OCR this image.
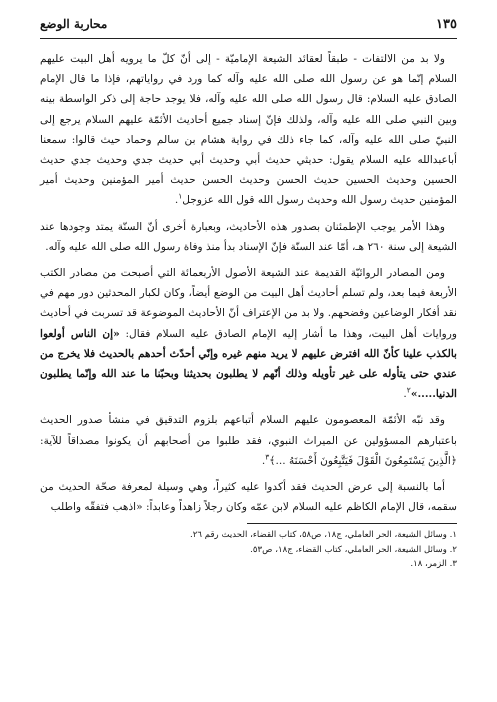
١٣٥
محاربة الوضع

ولا بد من الالتفات - طبقاً لعقائد الشيعة الإماميّة - إلى أنّ كلّ ما يرويه أهل البيت عليهم السلام إنّما هو عن رسول الله صلى الله عليه وآله كما ورد في رواياتهم، فإذا ما قال الإمام الصادق عليه السلام: قال رسول الله صلى الله عليه وآله، فلا يوجد حاجة إلى ذكر الواسطة بينه وبين النبي صلى الله عليه وآله، ولذلك فإنّ إسناد جميع أحاديث الأئمّة عليهم السلام يرجع إلى النبيّ صلى الله عليه وآله، كما جاء ذلك في رواية هشام بن سالم وحماد حيث قالوا: سمعنا أباعبدالله عليه السلام يقول: حديثي حديث أبي وحديث أبي حديث جدي وحديث جدي حديث الحسين وحديث الحسين حديث الحسن وحديث الحسن حديث أمير المؤمنين وحديث أمير المؤمنين حديث رسول الله وحديث رسول الله قول الله عزوجل$^١$.

وهذا الأمر يوجب الإطمئنان بصدور هذه الأحاديث، وبعبارة أخرى أنّ السنّة يمتد وجودها عند الشيعة إلى سنة ٢٦٠ هـ، أمّا عند السنّة فإنّ الإسناد بدأ منذ وفاة رسول الله صلى الله عليه وآله.

ومن المصادر الروائيّة القديمة عند الشيعة الأصول الأربعمائة التي أصبحت من مصادر الكتب الأربعة فيما بعد، ولم تسلم أحاديث أهل البيت من الوضع أيضاً، وكان لكبار المحدثين دور مهم في نقد أفكار الوضاعين وفضحهم. ولا بد من الإعتراف أنّ الأحاديث الموضوعة قد تسربت في أحاديث وروايات أهل البيت، وهذا ما أشار إليه الإمام الصادق عليه السلام فقال: «إن الناس أولعوا بالكذب علينا كأنّ الله افترض عليهم لا يريد منهم غيره وإنّي أحدّث أحدهم بالحديث فلا يخرج من عندي حتى يتأوله على غير تأويله وذلك أنّهم لا يطلبون بحديثنا وبحبّنا ما عند الله وإنّما يطلبون الدنيا.....»$^٢$.

وقد نبّه الأئمّة المعصومون عليهم السلام أتباعهم بلزوم التدقيق في منشأ صدور الحديث باعتبارهم المسؤولين عن الميراث النبوي، فقد طلبوا من أصحابهم أن يكونوا مصداقاً للآية: ﴿الَّذِينَ يَسْتَمِعُونَ الْقَوْلَ فَيَتَّبِعُونَ أَحْسَنَهُ ...﴾$^٣$.

أما بالنسبة إلى عرض الحديث فقد أكدوا عليه كثيراً، وهي وسيلة لمعرفة صحّة الحديث من سقمه، قال الإمام الكاظم عليه السلام لابن عمّه وكان رجلاً زاهداً وعابداً: «اذهب فتفقّه واطلب

١. وسائل الشيعة، الحر العاملي، ج١٨، ص٥٨، كتاب القضاء، الحديث رقم ٢٦.

٢. وسائل الشيعة، الحر العاملي، كتاب القضاء، ج١٨، ص٥٣.

٣. الزمر، ١٨.
